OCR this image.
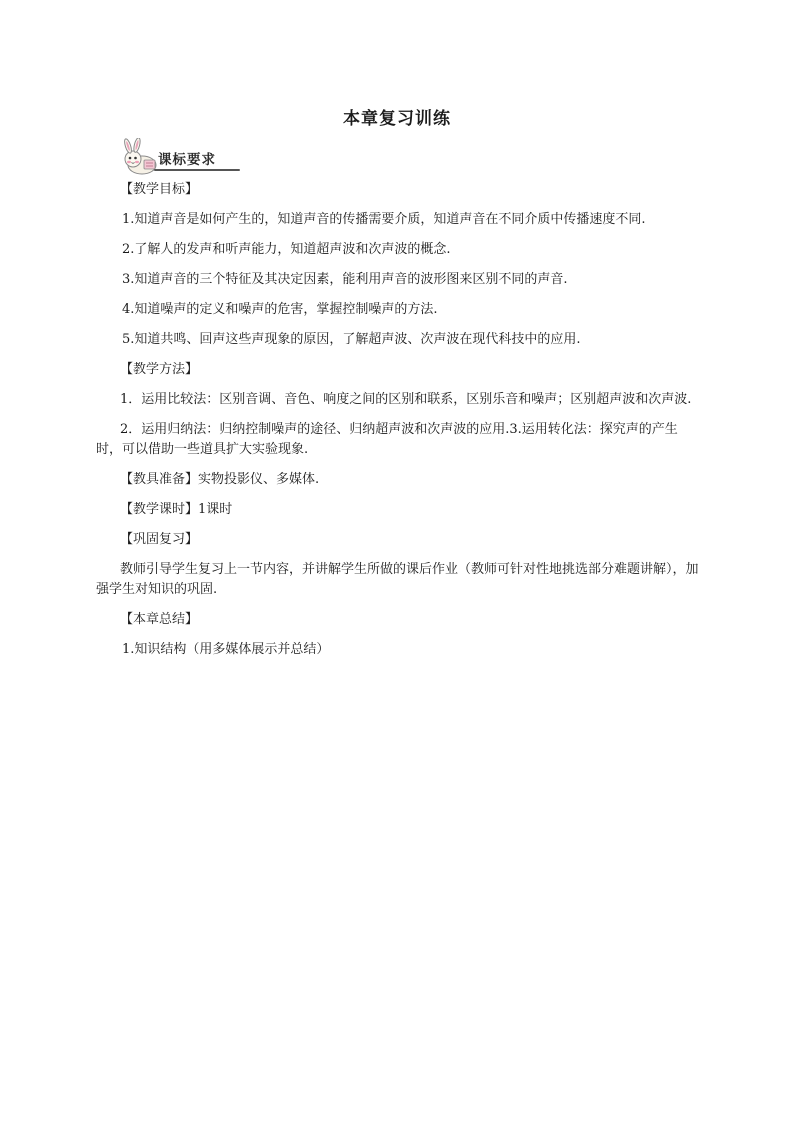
本章复习训练
课标要求
【教学目标】
1.知道声音是如何产生的，知道声音的传播需要介质，知道声音在不同介质中传播速度不同.
2.了解人的发声和听声能力，知道超声波和次声波的概念.
3.知道声音的三个特征及其决定因素，能利用声音的波形图来区别不同的声音.
4.知道噪声的定义和噪声的危害，掌握控制噪声的方法.
5.知道共鸣、回声这些声现象的原因，了解超声波、次声波在现代科技中的应用.
【教学方法】
1．运用比较法：区别音调、音色、响度之间的区别和联系，区别乐音和噪声；区别超声波和次声波.
2．运用归纳法：归纳控制噪声的途径、归纳超声波和次声波的应用.3.运用转化法：探究声的产生时，可以借助一些道具扩大实验现象.
【教具准备】实物投影仪、多媒体.
【教学课时】1课时
【巩固复习】
教师引导学生复习上一节内容，并讲解学生所做的课后作业（教师可针对性地挑选部分难题讲解），加强学生对知识的巩固.
【本章总结】
1.知识结构（用多媒体展示并总结）
